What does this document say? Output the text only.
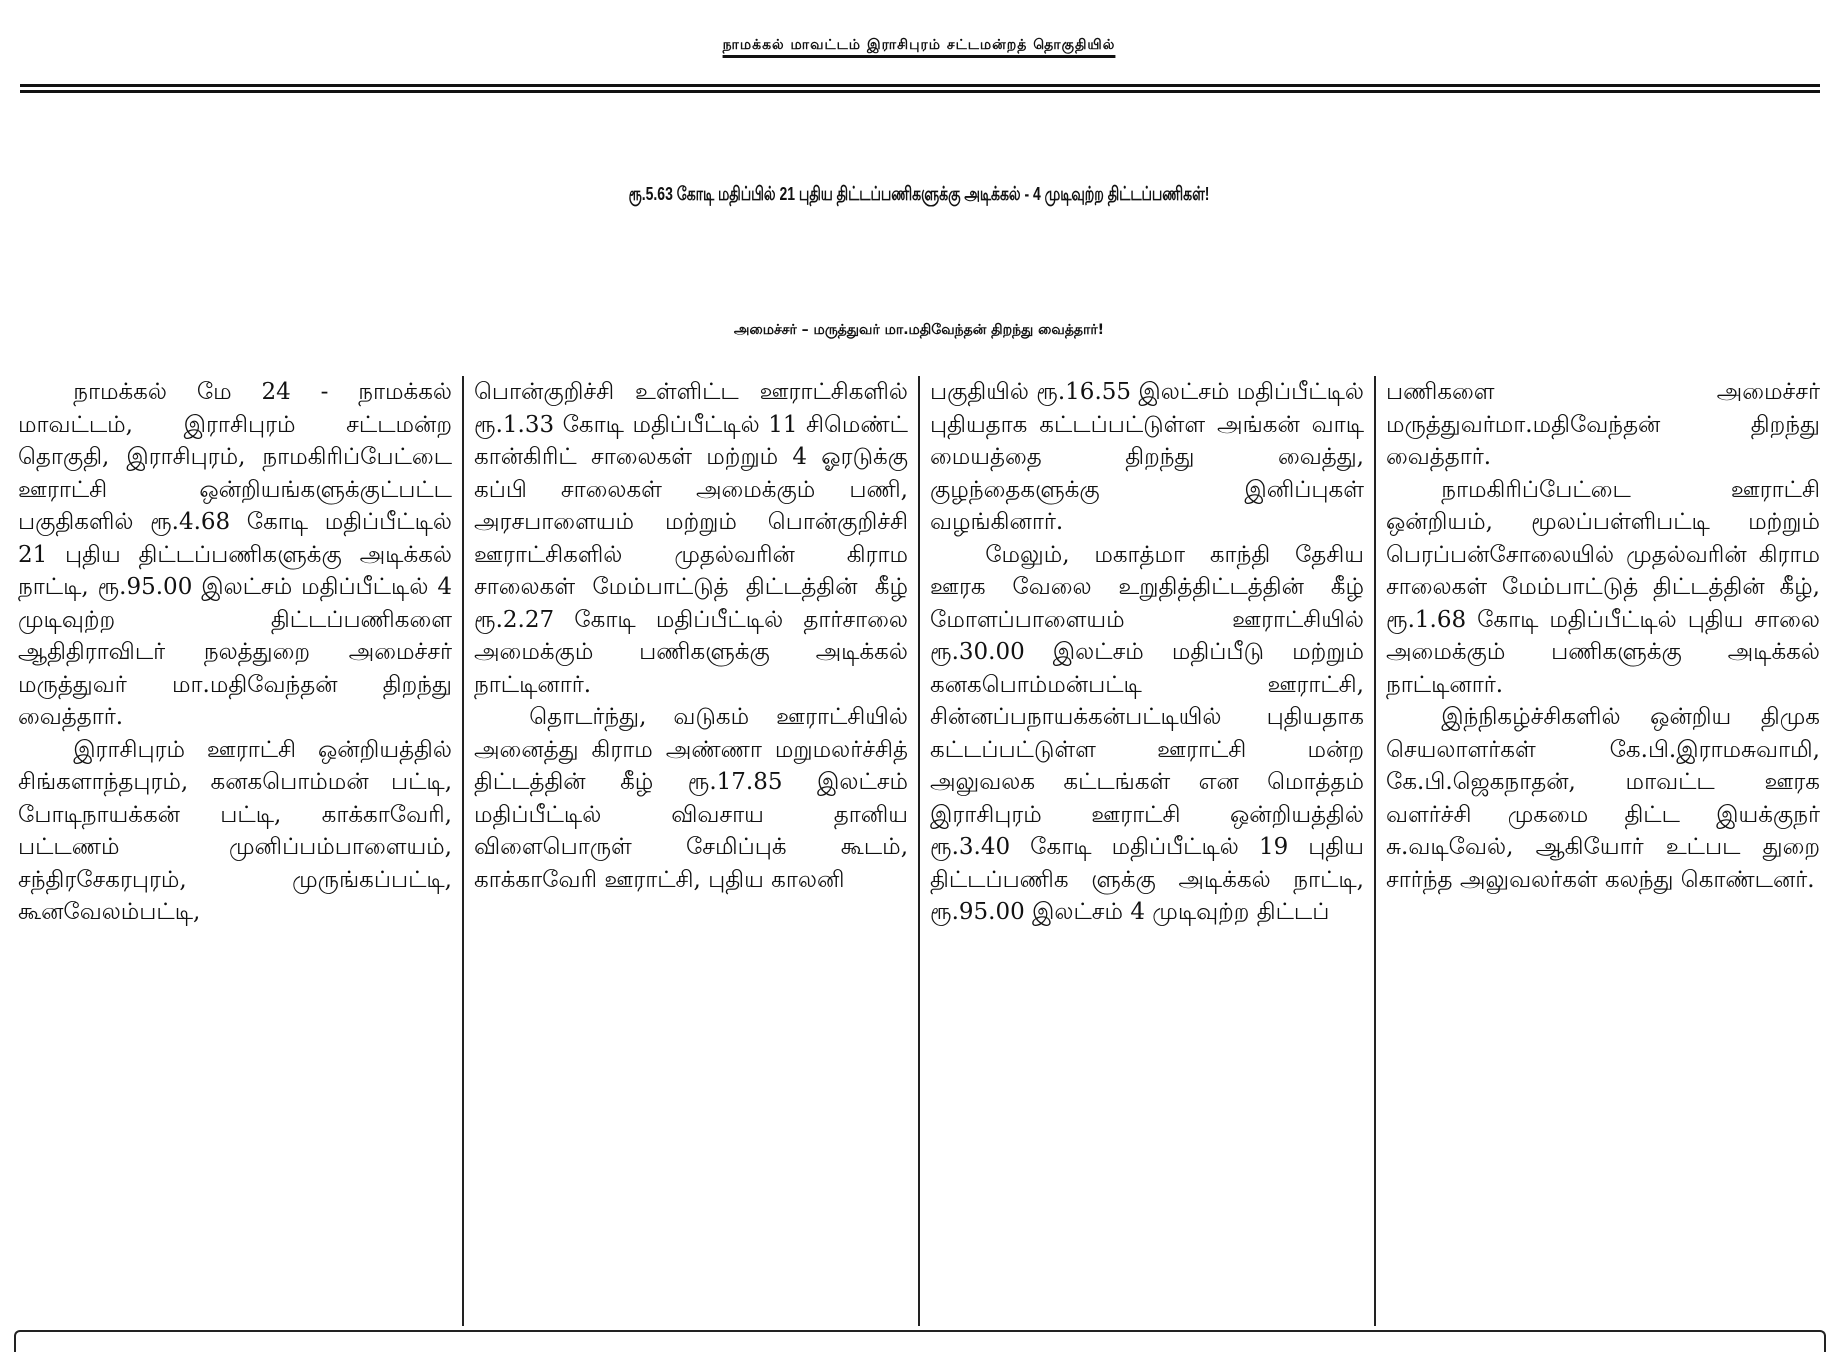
நாமக்கல் மாவட்டம் இராசிபுரம் சட்டமன்றத் தொகுதியில்
ரூ.5.63 கோடி மதிப்பில் 21 புதிய திட்டப்பணிகளுக்கு அடிக்கல் - 4 முடிவுற்ற திட்டப்பணிகள்!
அமைச்சர் – மருத்துவர் மா.மதிவேந்தன் திறந்து வைத்தார்!

நாமக்கல் மே 24 - நாமக்கல் மாவட்டம், இராசிபுரம் சட்டமன்ற தொகுதி, இராசிபுரம், நாமகிரிப்பேட்டை ஊராட்சி ஒன்றியங்களுக்குட்பட்ட பகுதிகளில் ரூ.4.68 கோடி மதிப்பீட்டில் 21 புதிய திட்டப்பணிகளுக்கு அடிக்கல் நாட்டி, ரூ.95.00 இலட்சம் மதிப்பீட்டில் 4 முடிவுற்ற திட்டப்பணிகளை ஆதிதிராவிடர் நலத்துறை அமைச்சர் மருத்துவர் மா.மதிவேந்தன் திறந்து வைத்தார்.

இராசிபுரம் ஊராட்சி ஒன்றியத்தில் சிங்களாந்தபுரம், கனகபொம்மன் பட்டி, போடிநாயக்கன் பட்டி, காக்காவேரி, பட்டணம் முனிப்பம்பாளையம், சந்திரசேகரபுரம், முருங்கப்பட்டி, கூனவேலம்பட்டி,

பொன்குறிச்சி உள்ளிட்ட ஊராட்சிகளில் ரூ.1.33 கோடி மதிப்பீட்டில் 11 சிமெண்ட் கான்கிரிட் சாலைகள் மற்றும் 4 ஓரடுக்கு கப்பி சாலைகள் அமைக்கும் பணி, அரசபாளையம் மற்றும் பொன்குறிச்சி ஊராட்சிகளில் முதல்வரின் கிராம சாலைகள் மேம்பாட்டுத் திட்டத்தின் கீழ் ரூ.2.27 கோடி மதிப்பீட்டில் தார்சாலை அமைக்கும் பணிகளுக்கு அடிக்கல் நாட்டினார்.

தொடர்ந்து, வடுகம் ஊராட்சியில் அனைத்து கிராம அண்ணா மறுமலர்ச்சித் திட்டத்தின் கீழ் ரூ.17.85 இலட்சம் மதிப்பீட்டில் விவசாய தானிய விளைபொருள் சேமிப்புக் கூடம், காக்காவேரி ஊராட்சி, புதிய காலனி

பகுதியில் ரூ.16.55 இலட்சம் மதிப்பீட்டில் புதியதாக கட்டப்பட்டுள்ள அங்கன் வாடி மையத்தை திறந்து வைத்து, குழந்தைகளுக்கு இனிப்புகள் வழங்கினார்.

மேலும், மகாத்மா காந்தி தேசிய ஊரக வேலை உறுதித்திட்டத்தின் கீழ் மோளப்பாளையம் ஊராட்சியில் ரூ.30.00 இலட்சம் மதிப்பீடு மற்றும் கனகபொம்மன்பட்டி ஊராட்சி, சின்னப்பநாயக்கன்பட்டியில் புதியதாக கட்டப்பட்டுள்ள ஊராட்சி மன்ற அலுவலக கட்டங்கள் என மொத்தம் இராசிபுரம் ஊராட்சி ஒன்றியத்தில் ரூ.3.40 கோடி மதிப்பீட்டில் 19 புதிய திட்டப்பணிக ளுக்கு அடிக்கல் நாட்டி, ரூ.95.00 இலட்சம் 4 முடிவுற்ற திட்டப்

பணிகளை அமைச்சர் மருத்துவர்மா.மதிவேந்தன் திறந்து வைத்தார்.

நாமகிரிப்பேட்டை ஊராட்சி ஒன்றியம், மூலப்பள்ளிபட்டி மற்றும் பெரப்பன்சோலையில் முதல்வரின் கிராம சாலைகள் மேம்பாட்டுத் திட்டத்தின் கீழ், ரூ.1.68 கோடி மதிப்பீட்டில் புதிய சாலை அமைக்கும் பணிகளுக்கு அடிக்கல் நாட்டினார்.

இந்நிகழ்ச்சிகளில் ஒன்றிய திமுக செயலாளர்கள் கே.பி.இராமசுவாமி, கே.பி.ஜெகநாதன், மாவட்ட ஊரக வளர்ச்சி முகமை திட்ட இயக்குநர் சு.வடிவேல், ஆகியோர் உட்பட துறை சார்ந்த அலுவலர்கள் கலந்து கொண்டனர்.
